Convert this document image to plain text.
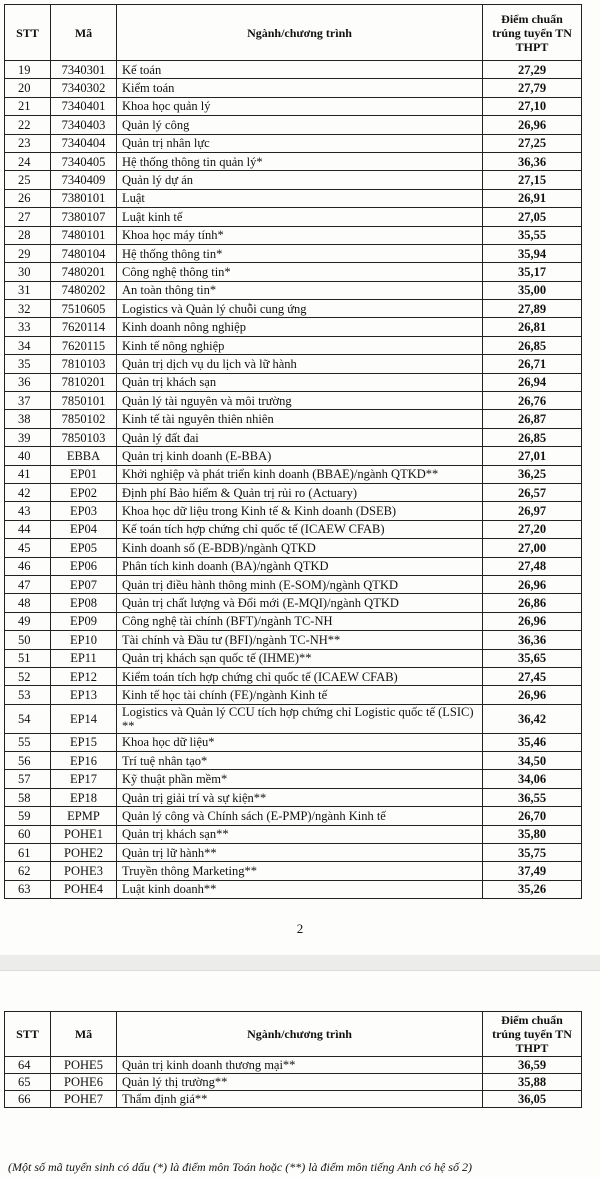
STT	Mã	Ngành/chương trình	Điểm chuẩn
trúng tuyển TN
THPT
19	7340301	Kế toán	27,29
20	7340302	Kiểm toán	27,79
21	7340401	Khoa học quản lý	27,10
22	7340403	Quản lý công	26,96
23	7340404	Quản trị nhân lực	27,25
24	7340405	Hệ thống thông tin quản lý*	36,36
25	7340409	Quản lý dự án	27,15
26	7380101	Luật	26,91
27	7380107	Luật kinh tế	27,05
28	7480101	Khoa học máy tính*	35,55
29	7480104	Hệ thống thông tin*	35,94
30	7480201	Công nghệ thông tin*	35,17
31	7480202	An toàn thông tin*	35,00
32	7510605	Logistics và Quản lý chuỗi cung ứng	27,89
33	7620114	Kinh doanh nông nghiệp	26,81
34	7620115	Kinh tế nông nghiệp	26,85
35	7810103	Quản trị dịch vụ du lịch và lữ hành	26,71
36	7810201	Quản trị khách sạn	26,94
37	7850101	Quản lý tài nguyên và môi trường	26,76
38	7850102	Kinh tế tài nguyên thiên nhiên	26,87
39	7850103	Quản lý đất đai	26,85
40	EBBA	Quản trị kinh doanh (E-BBA)	27,01
41	EP01	Khởi nghiệp và phát triển kinh doanh (BBAE)/ngành QTKD**	36,25
42	EP02	Định phí Bảo hiểm & Quản trị rủi ro (Actuary)	26,57
43	EP03	Khoa học dữ liệu trong Kinh tế & Kinh doanh (DSEB)	26,97
44	EP04	Kế toán tích hợp chứng chỉ quốc tế (ICAEW CFAB)	27,20
45	EP05	Kinh doanh số (E-BDB)/ngành QTKD	27,00
46	EP06	Phân tích kinh doanh (BA)/ngành QTKD	27,48
47	EP07	Quản trị điều hành thông minh (E-SOM)/ngành QTKD	26,96
48	EP08	Quản trị chất lượng và Đổi mới (E-MQI)/ngành QTKD	26,86
49	EP09	Công nghệ tài chính (BFT)/ngành TC-NH	26,96
50	EP10	Tài chính và Đầu tư (BFI)/ngành TC-NH**	36,36
51	EP11	Quản trị khách sạn quốc tế (IHME)**	35,65
52	EP12	Kiểm toán tích hợp chứng chỉ quốc tế (ICAEW CFAB)	27,45
53	EP13	Kinh tế học tài chính (FE)/ngành Kinh tế	26,96
54	EP14	Logistics và Quản lý CCU tích hợp chứng chỉ Logistic quốc tế (LSIC) **	36,42
55	EP15	Khoa học dữ liệu*	35,46
56	EP16	Trí tuệ nhân tạo*	34,50
57	EP17	Kỹ thuật phần mềm*	34,06
58	EP18	Quản trị giải trí và sự kiện**	36,55
59	EPMP	Quản lý công và Chính sách (E-PMP)/ngành Kinh tế	26,70
60	POHE1	Quản trị khách sạn**	35,80
61	POHE2	Quản trị lữ hành**	35,75
62	POHE3	Truyền thông Marketing**	37,49
63	POHE4	Luật kinh doanh**	35,26
2
STT	Mã	Ngành/chương trình	Điểm chuẩn
trúng tuyển TN
THPT
64	POHE5	Quản trị kinh doanh thương mại**	36,59
65	POHE6	Quản lý thị trường**	35,88
66	POHE7	Thẩm định giá**	36,05
(Một số mã tuyển sinh có dấu (*) là điểm môn Toán hoặc (**) là điểm môn tiếng Anh có hệ số 2)
